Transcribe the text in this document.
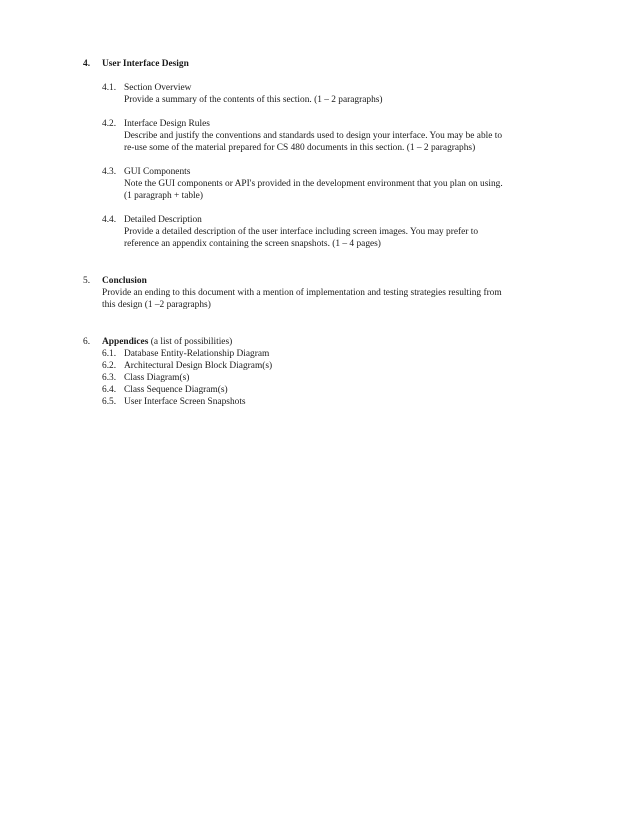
4. User Interface Design
4.1. Section Overview
Provide a summary of the contents of this section. (1 – 2 paragraphs)
4.2. Interface Design Rules
Describe and justify the conventions and standards used to design your interface. You may be able to
re-use some of the material prepared for CS 480 documents in this section. (1 – 2 paragraphs)
4.3. GUI Components
Note the GUI components or API's provided in the development environment that you plan on using.
(1 paragraph + table)
4.4. Detailed Description
Provide a detailed description of the user interface including screen images. You may prefer to
reference an appendix containing the screen snapshots. (1 – 4 pages)
5. Conclusion
Provide an ending to this document with a mention of implementation and testing strategies resulting from
this design (1 –2 paragraphs)
6. Appendices (a list of possibilities)
6.1. Database Entity-Relationship Diagram
6.2. Architectural Design Block Diagram(s)
6.3. Class Diagram(s)
6.4. Class Sequence Diagram(s)
6.5. User Interface Screen Snapshots
